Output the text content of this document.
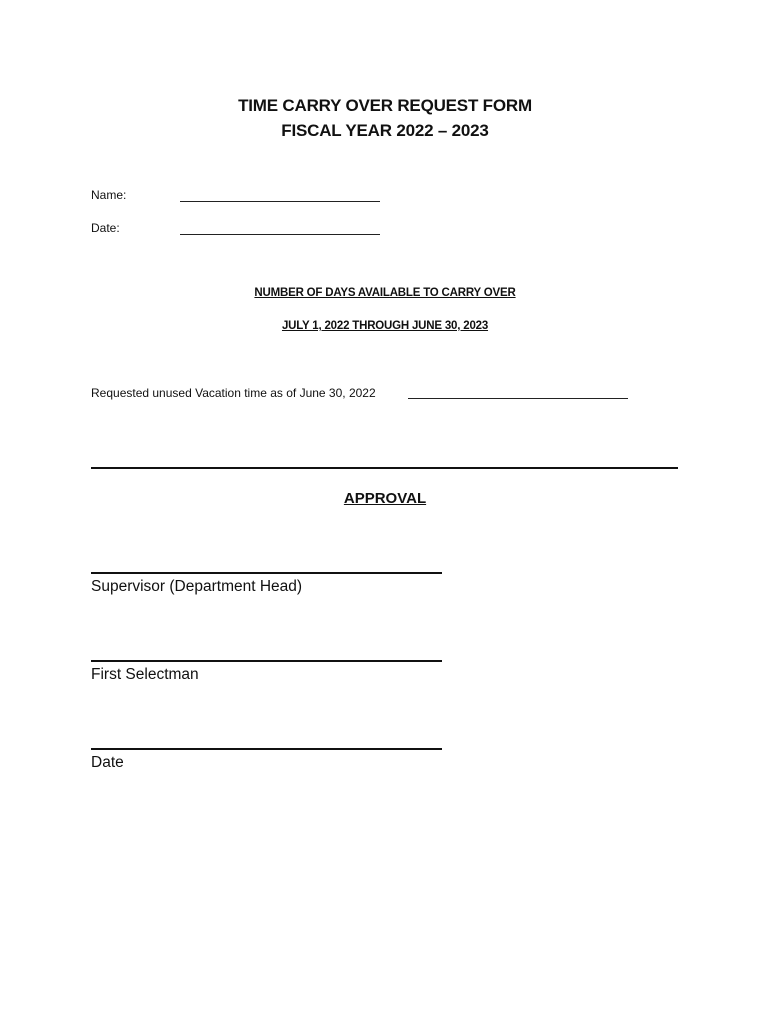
TIME CARRY OVER REQUEST FORM
FISCAL YEAR 2022 – 2023
Name:
Date:
NUMBER OF DAYS AVAILABLE TO CARRY OVER
JULY 1, 2022 THROUGH JUNE 30, 2023
Requested unused Vacation time as of June 30, 2022
APPROVAL
Supervisor (Department Head)
First Selectman
Date
